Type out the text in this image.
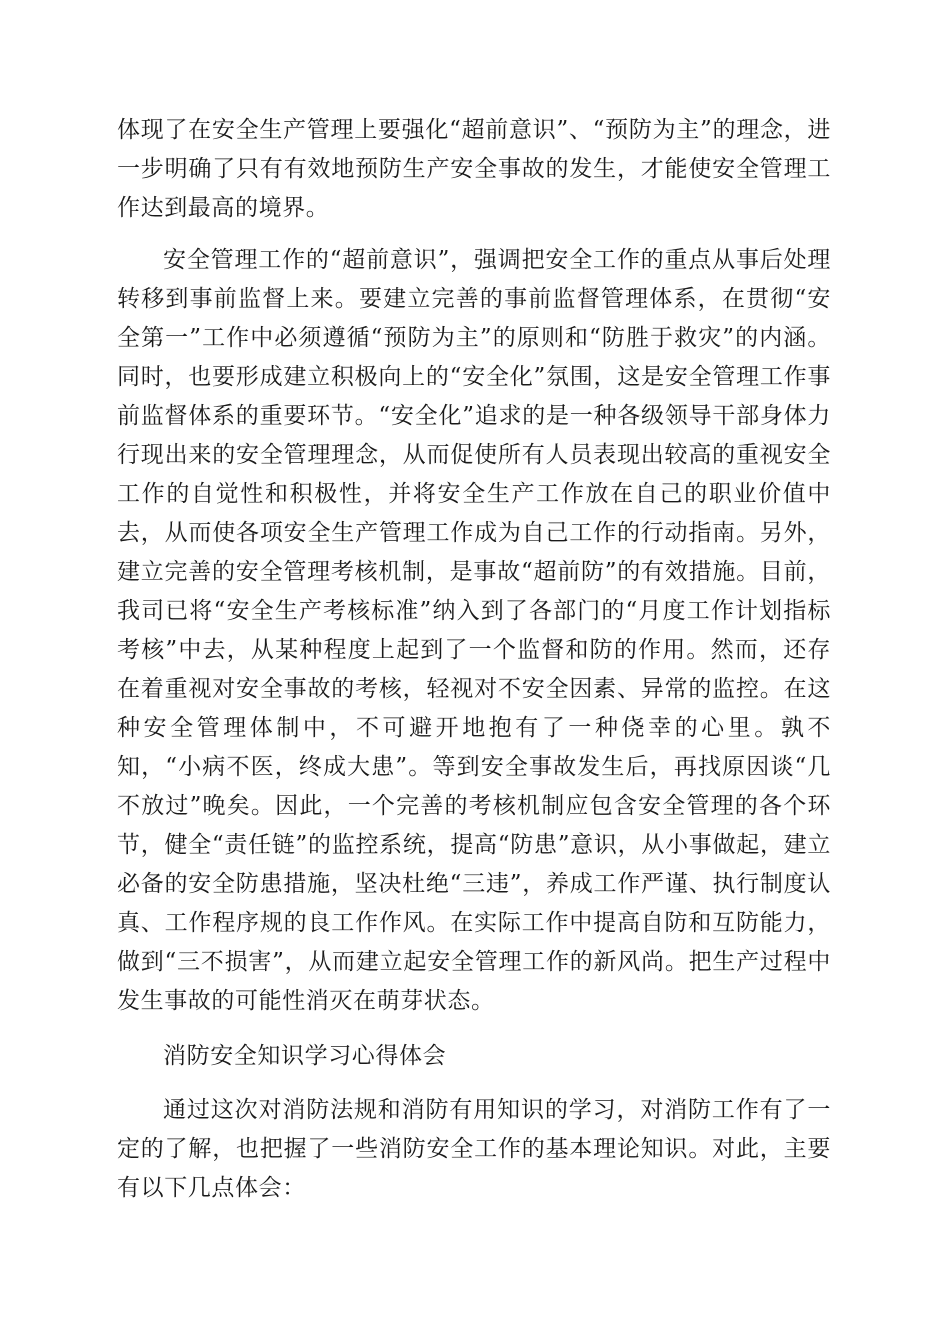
体现了在安全生产管理上要强化“超前意识”、“预防为主”的理念，进一步明确了只有有效地预防生产安全事故的发生，才能使安全管理工作达到最高的境界。

安全管理工作的“超前意识”，强调把安全工作的重点从事后处理转移到事前监督上来。要建立完善的事前监督管理体系，在贯彻“安全第一”工作中必须遵循“预防为主”的原则和“防胜于救灾”的内涵。同时，也要形成建立积极向上的“安全化”氛围，这是安全管理工作事前监督体系的重要环节。“安全化”追求的是一种各级领导干部身体力行现出来的安全管理理念，从而促使所有人员表现出较高的重视安全工作的自觉性和积极性，并将安全生产工作放在自己的职业价值中去，从而使各项安全生产管理工作成为自己工作的行动指南。另外，建立完善的安全管理考核机制，是事故“超前防”的有效措施。目前，我司已将“安全生产考核标准”纳入到了各部门的“月度工作计划指标考核”中去，从某种程度上起到了一个监督和防的作用。然而，还存在着重视对安全事故的考核，轻视对不安全因素、异常的监控。在这种安全管理体制中，不可避开地抱有了一种侥幸的心里。孰不知，“小病不医，终成大患”。等到安全事故发生后，再找原因谈“几不放过”晚矣。因此，一个完善的考核机制应包含安全管理的各个环节，健全“责任链”的监控系统，提高“防患”意识，从小事做起，建立必备的安全防患措施，坚决杜绝“三违”，养成工作严谨、执行制度认真、工作程序规的良工作作风。在实际工作中提高自防和互防能力，做到“三不损害”，从而建立起安全管理工作的新风尚。把生产过程中发生事故的可能性消灭在萌芽状态。

消防安全知识学习心得体会

通过这次对消防法规和消防有用知识的学习，对消防工作有了一定的了解，也把握了一些消防安全工作的基本理论知识。对此，主要有以下几点体会：
